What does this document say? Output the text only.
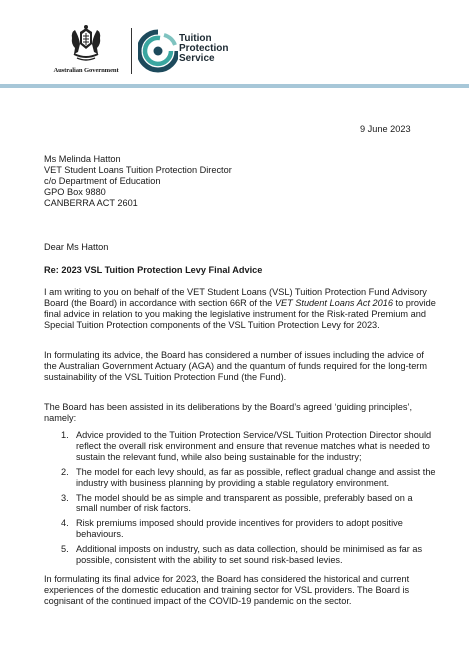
Australian Government
Tuition
Protection
Service
9 June 2023
Ms Melinda Hatton
VET Student Loans Tuition Protection Director
c/o Department of Education
GPO Box 9880
CANBERRA ACT 2601
Dear Ms Hatton
Re: 2023 VSL Tuition Protection Levy Final Advice
I am writing to you on behalf of the VET Student Loans (VSL) Tuition Protection Fund Advisory Board (the Board) in accordance with section 66R of the VET Student Loans Act 2016 to provide final advice in relation to you making the legislative instrument for the Risk-rated Premium and Special Tuition Protection components of the VSL Tuition Protection Levy for 2023.
In formulating its advice, the Board has considered a number of issues including the advice of the Australian Government Actuary (AGA) and the quantum of funds required for the long-term sustainability of the VSL Tuition Protection Fund (the Fund).
The Board has been assisted in its deliberations by the Board’s agreed ‘guiding principles’, namely:
1. Advice provided to the Tuition Protection Service/VSL Tuition Protection Director should reflect the overall risk environment and ensure that revenue matches what is needed to sustain the relevant fund, while also being sustainable for the industry;
2. The model for each levy should, as far as possible, reflect gradual change and assist the industry with business planning by providing a stable regulatory environment.
3. The model should be as simple and transparent as possible, preferably based on a small number of risk factors.
4. Risk premiums imposed should provide incentives for providers to adopt positive behaviours.
5. Additional imposts on industry, such as data collection, should be minimised as far as possible, consistent with the ability to set sound risk-based levies.
In formulating its final advice for 2023, the Board has considered the historical and current experiences of the domestic education and training sector for VSL providers. The Board is cognisant of the continued impact of the COVID-19 pandemic on the sector.
